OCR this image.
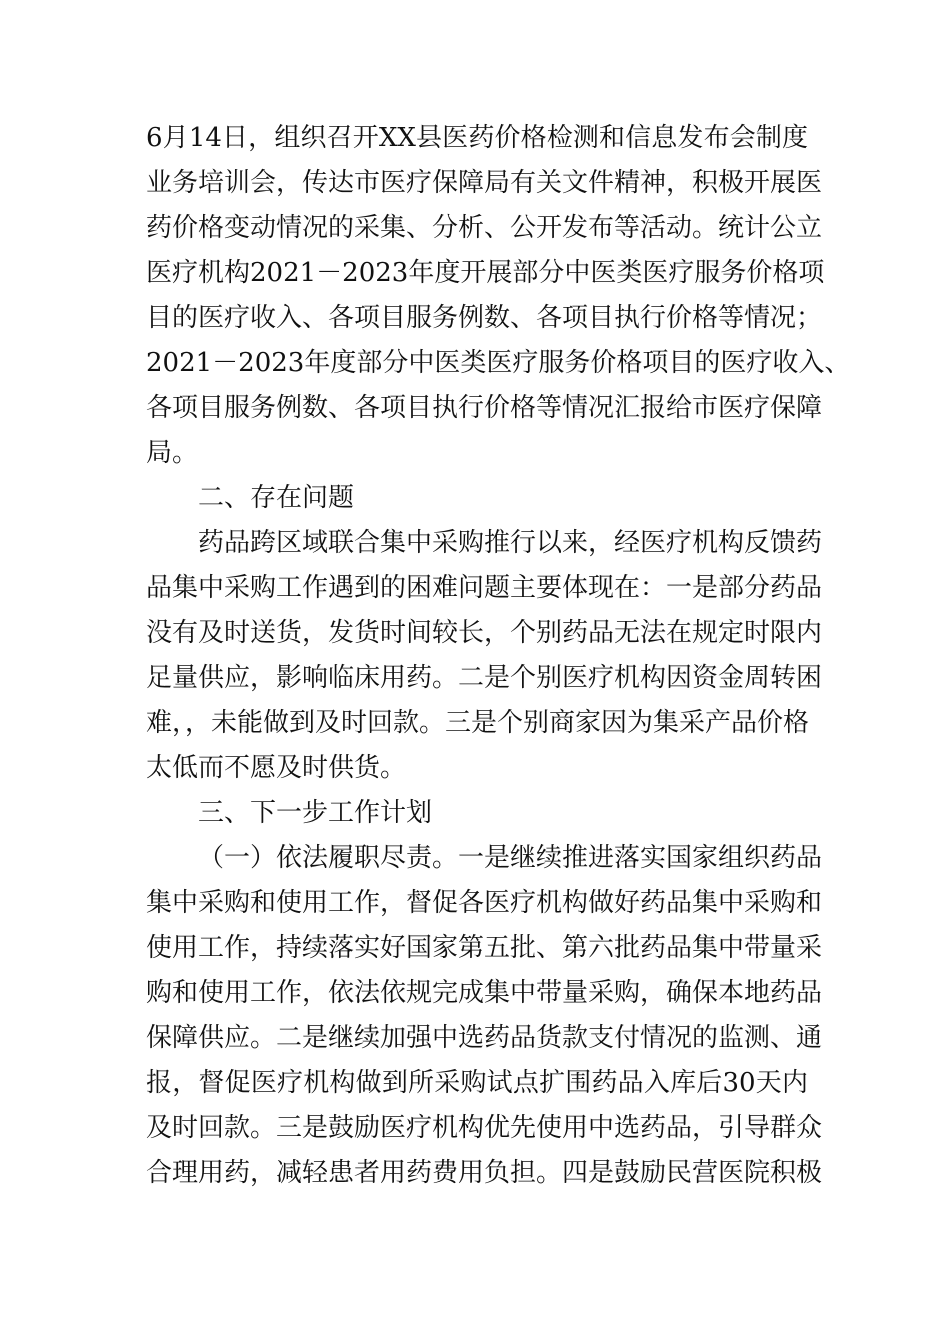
6月14日，组织召开XX县医药价格检测和信息发布会制度
业务培训会，传达市医疗保障局有关文件精神，积极开展医
药价格变动情况的采集、分析、公开发布等活动。统计公立
医疗机构2021－2023年度开展部分中医类医疗服务价格项
目的医疗收入、各项目服务例数、各项目执行价格等情况；
2021－2023年度部分中医类医疗服务价格项目的医疗收入、
各项目服务例数、各项目执行价格等情况汇报给市医疗保障
局。
二、存在问题
药品跨区域联合集中采购推行以来，经医疗机构反馈药
品集中采购工作遇到的困难问题主要体现在：一是部分药品
没有及时送货，发货时间较长，个别药品无法在规定时限内
足量供应，影响临床用药。二是个别医疗机构因资金周转困
难，，未能做到及时回款。三是个别商家因为集采产品价格
太低而不愿及时供货。
三、下一步工作计划
（一）依法履职尽责。一是继续推进落实国家组织药品
集中采购和使用工作，督促各医疗机构做好药品集中采购和
使用工作，持续落实好国家第五批、第六批药品集中带量采
购和使用工作，依法依规完成集中带量采购，确保本地药品
保障供应。二是继续加强中选药品货款支付情况的监测、通
报，督促医疗机构做到所采购试点扩围药品入库后30天内
及时回款。三是鼓励医疗机构优先使用中选药品，引导群众
合理用药，减轻患者用药费用负担。四是鼓励民营医院积极
